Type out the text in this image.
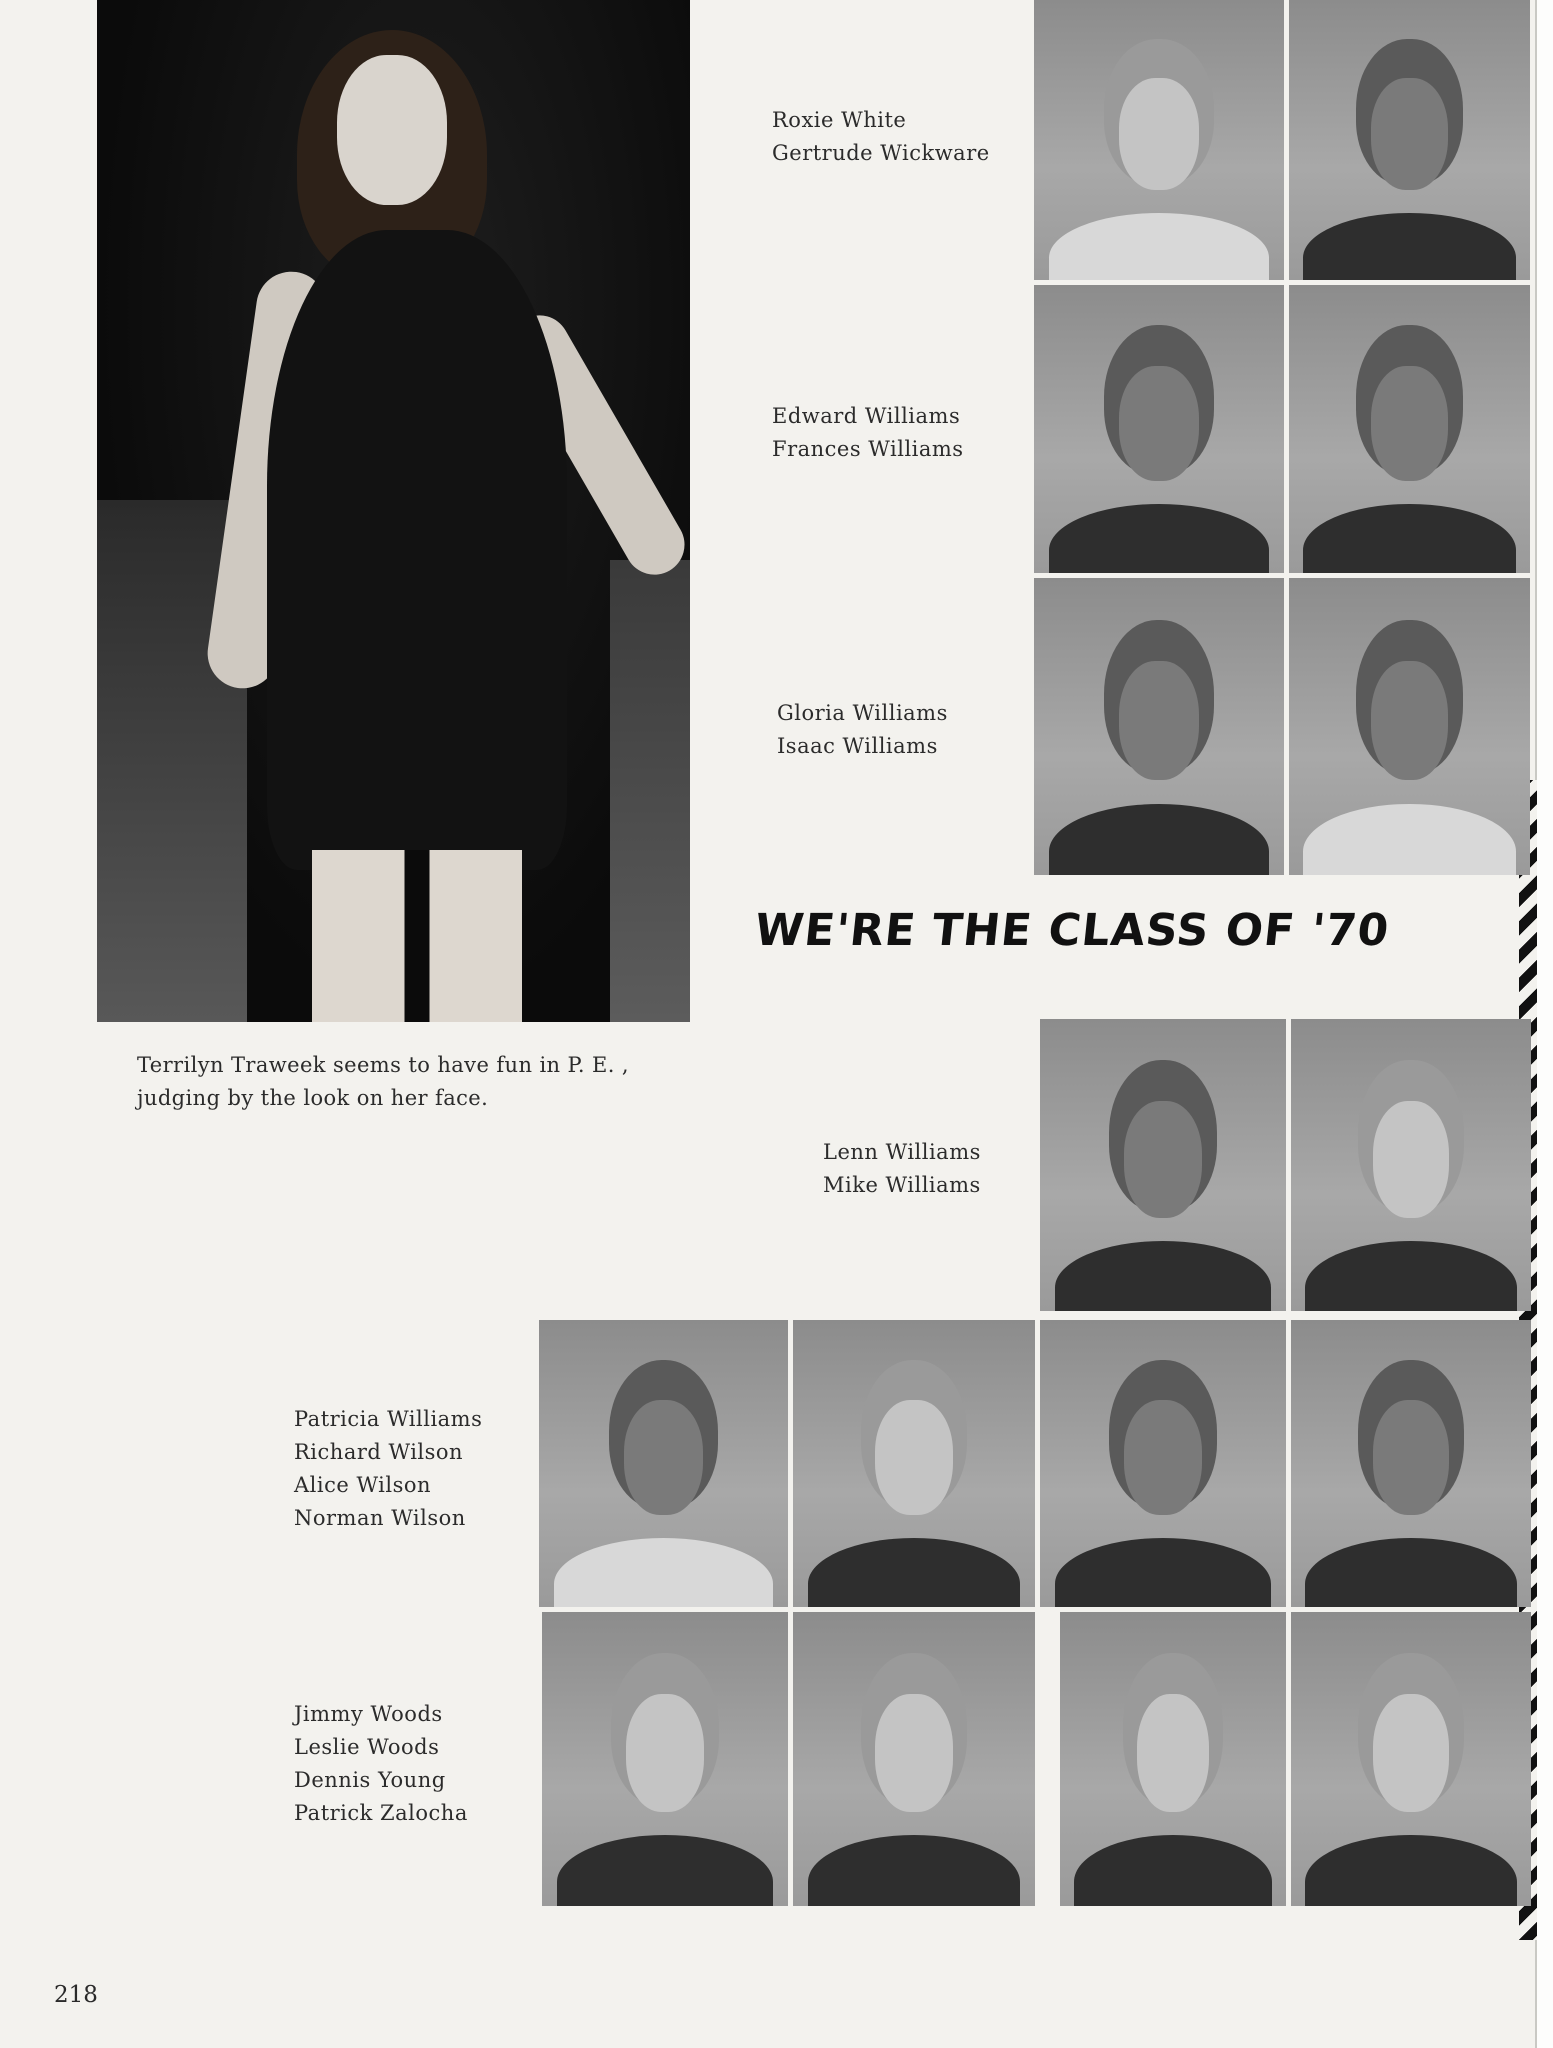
Terrilyn Traweek seems to have fun in P. E. ,
judging by the look on her face.
Roxie White
Gertrude Wickware
Edward Williams
Frances Williams
Gloria Williams
Isaac Williams
WE'RE THE CLASS OF '70
Lenn Williams
Mike Williams
Patricia Williams
Richard Wilson
Alice Wilson
Norman Wilson
Jimmy Woods
Leslie Woods
Dennis Young
Patrick Zalocha
218
